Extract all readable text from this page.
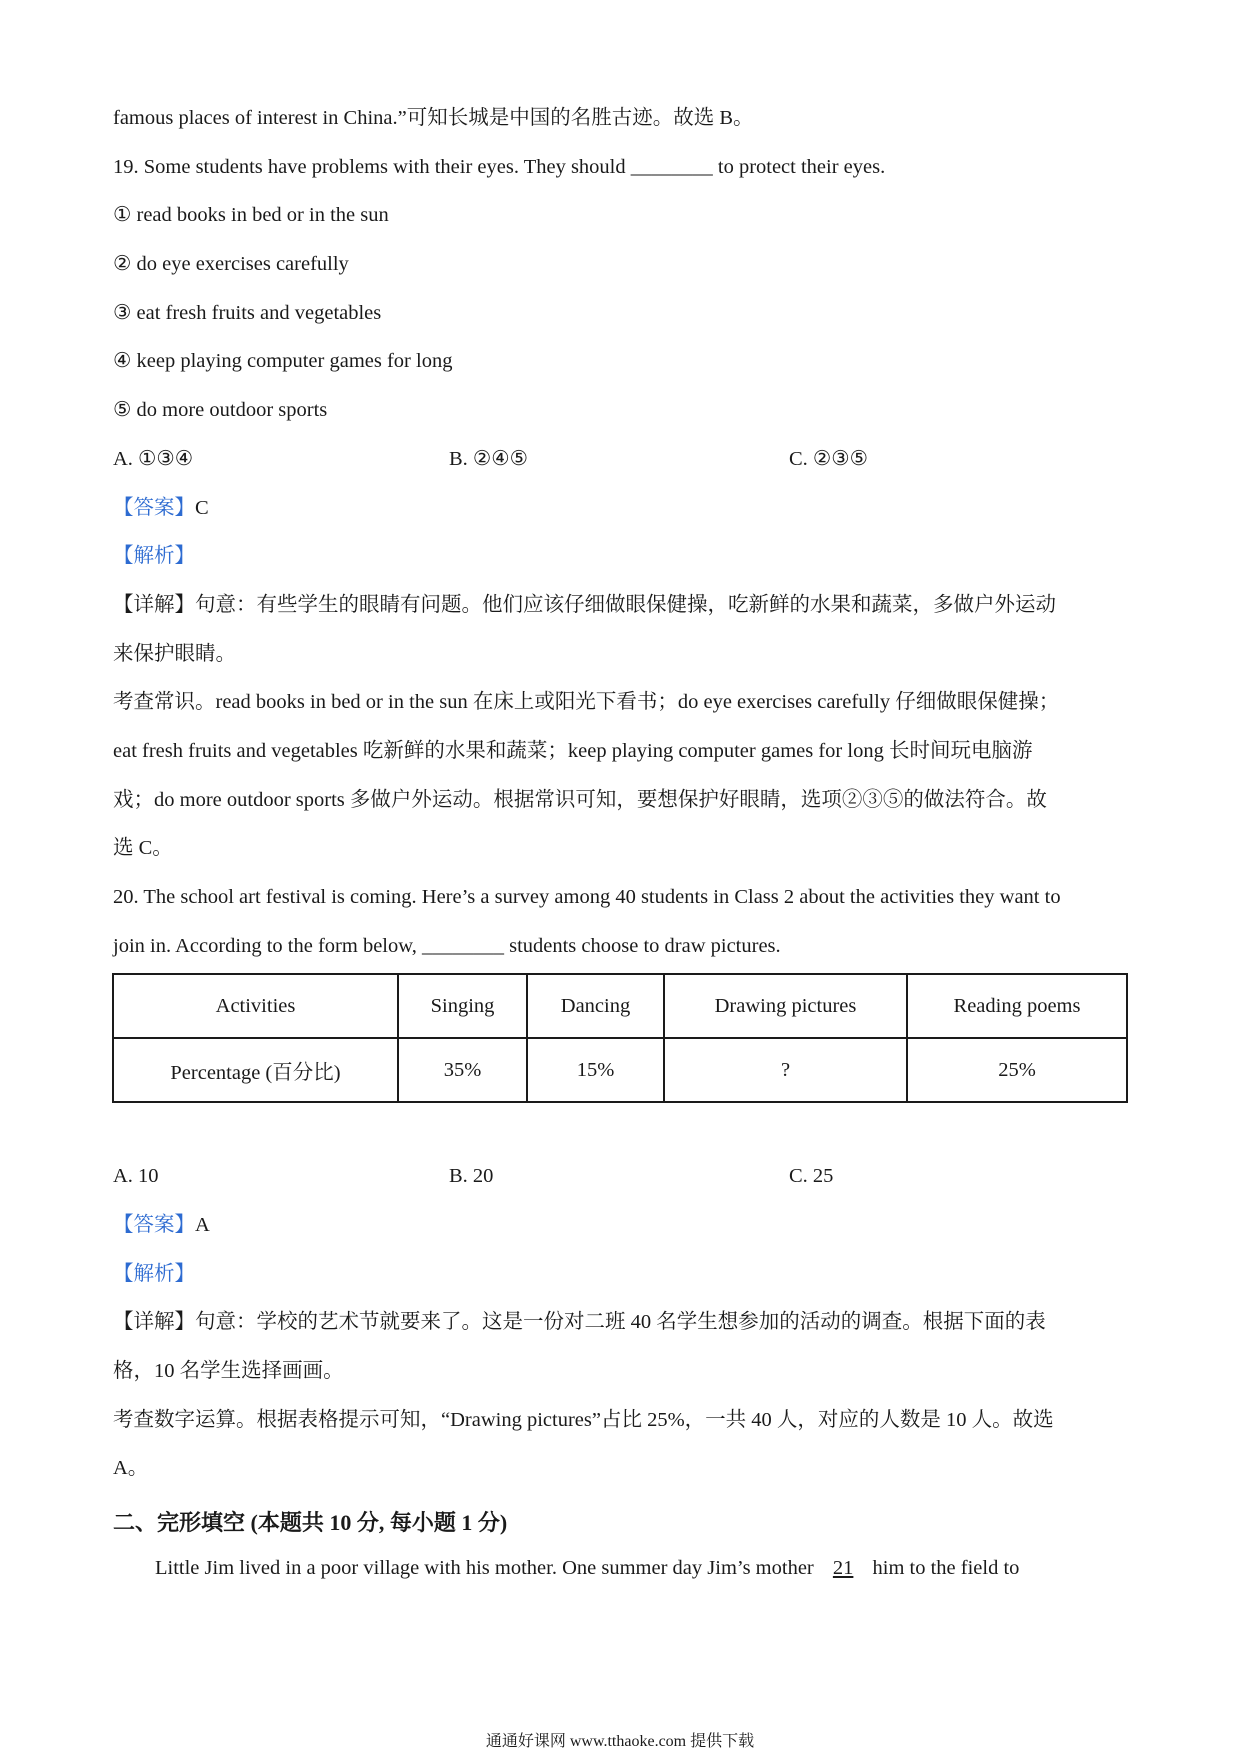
famous places of interest in China.”可知长城是中国的名胜古迹。故选 B。
19. Some students have problems with their eyes. They should ________ to protect their eyes.
① read books in bed or in the sun
② do eye exercises carefully
③ eat fresh fruits and vegetables
④ keep playing computer games for long
⑤ do more outdoor sports
A. ①③④	B. ②④⑤	C. ②③⑤
【答案】C
【解析】
【详解】句意：有些学生的眼睛有问题。他们应该仔细做眼保健操，吃新鲜的水果和蔬菜，多做户外运动
来保护眼睛。
考查常识。read books in bed or in the sun 在床上或阳光下看书；do eye exercises carefully 仔细做眼保健操；
eat fresh fruits and vegetables 吃新鲜的水果和蔬菜；keep playing computer games for long 长时间玩电脑游
戏；do more outdoor sports 多做户外运动。根据常识可知，要想保护好眼睛，选项②③⑤的做法符合。故
选 C。
20. The school art festival is coming. Here’s a survey among 40 students in Class 2 about the activities they want to
join in. According to the form below, ________ students choose to draw pictures.
Activities	Singing	Dancing	Drawing pictures	Reading poems
Percentage (百分比)	35%	15%	?	25%
A. 10	B. 20	C. 25
【答案】A
【解析】
【详解】句意：学校的艺术节就要来了。这是一份对二班 40 名学生想参加的活动的调查。根据下面的表
格，10 名学生选择画画。
考查数字运算。根据表格提示可知，“Drawing pictures”占比 25%，一共 40 人，对应的人数是 10 人。故选
A。
二、完形填空 (本题共 10 分, 每小题 1 分)
Little Jim lived in a poor village with his mother. One summer day Jim’s mother 21 him to the field to
通通好课网 www.tthaoke.com 提供下载
